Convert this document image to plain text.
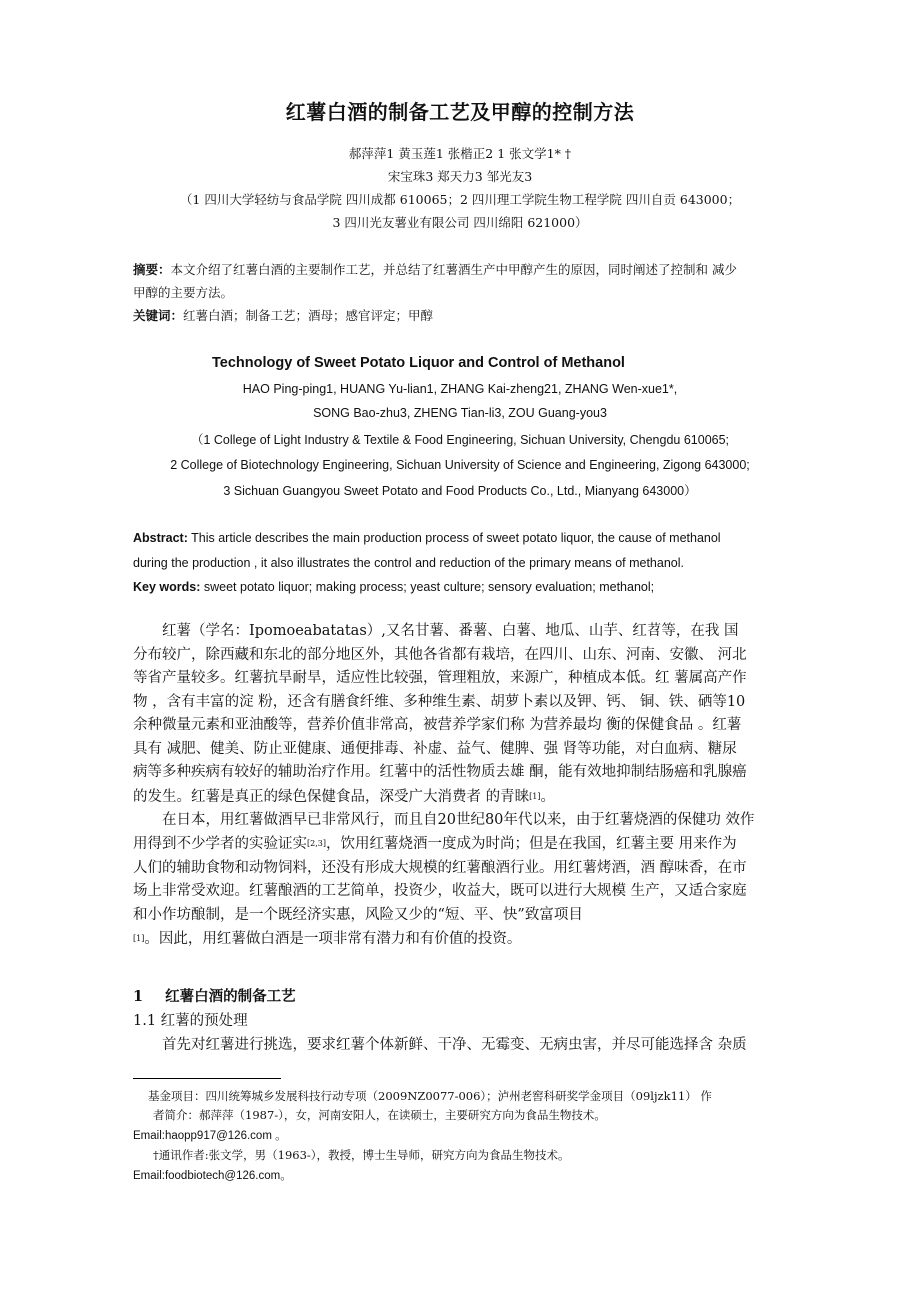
红薯白酒的制备工艺及甲醇的控制方法
郝萍萍1 黄玉莲1 张楷正2 1 张文学1* †
宋宝珠3 郑天力3 邹光友3
（1 四川大学轻纺与食品学院 四川成都 610065；2 四川理工学院生物工程学院 四川自贡 643000；
3 四川光友薯业有限公司 四川绵阳 621000）
摘要：本文介绍了红薯白酒的主要制作工艺，并总结了红薯酒生产中甲醇产生的原因，同时阐述了控制和 减少
甲醇的主要方法。
关键词：红薯白酒；制备工艺；酒母；感官评定；甲醇
Technology of Sweet Potato Liquor and Control of Methanol
HAO Ping-ping1, HUANG Yu-lian1, ZHANG Kai-zheng21, ZHANG Wen-xue1*,
SONG Bao-zhu3, ZHENG Tian-li3, ZOU Guang-you3
（1 College of Light Industry & Textile & Food Engineering, Sichuan University, Chengdu 610065;
2 College of Biotechnology Engineering, Sichuan University of Science and Engineering, Zigong 643000;
3 Sichuan Guangyou Sweet Potato and Food Products Co., Ltd., Mianyang 643000）
Abstract: This article describes the main production process of sweet potato liquor, the cause of methanol
during the production , it also illustrates the control and reduction of the primary means of methanol.
Key words: sweet potato liquor; making process; yeast culture; sensory evaluation; methanol;
　　红薯（学名：Ipomoeabatatas）,又名甘薯、番薯、白薯、地瓜、山芋、红苕等，在我 国
分布较广，除西藏和东北的部分地区外，其他各省都有栽培，在四川、山东、河南、安徽、 河北
等省产量较多。红薯抗旱耐旱，适应性比较强，管理粗放，来源广，种植成本低。红 薯属高产作
物 ，含有丰富的淀 粉，还含有膳食纤维、多种维生素、胡萝卜素以及钾、钙、 铜、铁、硒等10
余种微量元素和亚油酸等，营养价值非常高，被营养学家们称 为营养最均 衡的保健食品 。红薯
具有 减肥、健美、防止亚健康、通便排毒、补虚、益气、健脾、强 肾等功能，对白血病、糖尿
病等多种疾病有较好的辅助治疗作用。红薯中的活性物质去雄 酮，能有效地抑制结肠癌和乳腺癌
的发生。红薯是真正的绿色保健食品，深受广大消费者 的青睐[1]。
　　在日本，用红薯做酒早已非常风行，而且自20世纪80年代以来，由于红薯烧酒的保健功 效作
用得到不少学者的实验证实[2,3]，饮用红薯烧酒一度成为时尚；但是在我国，红薯主要 用来作为
人们的辅助食物和动物饲料，还没有形成大规模的红薯酿酒行业。用红薯烤酒，酒 醇味香，在市
场上非常受欢迎。红薯酿酒的工艺简单，投资少，收益大，既可以进行大规模 生产，又适合家庭
和小作坊酿制，是一个既经济实惠，风险又少的“短、平、快”致富项目
[1]。因此，用红薯做白酒是一项非常有潜力和有价值的投资。
1 红薯白酒的制备工艺
1.1 红薯的预处理
　　首先对红薯进行挑选，要求红薯个体新鲜、干净、无霉变、无病虫害，并尽可能选择含 杂质
基金项目：四川统筹城乡发展科技行动专项（2009NZ0077-006）；泸州老窖科研奖学金项目（09ljzk11） 作
者简介：郝萍萍（1987-），女，河南安阳人，在读硕士，主要研究方向为食品生物技术。
Email:haopp917@126.com 。
†通讯作者:张文学，男（1963-），教授，博士生导师，研究方向为食品生物技术。
Email:foodbiotech@126.com。
